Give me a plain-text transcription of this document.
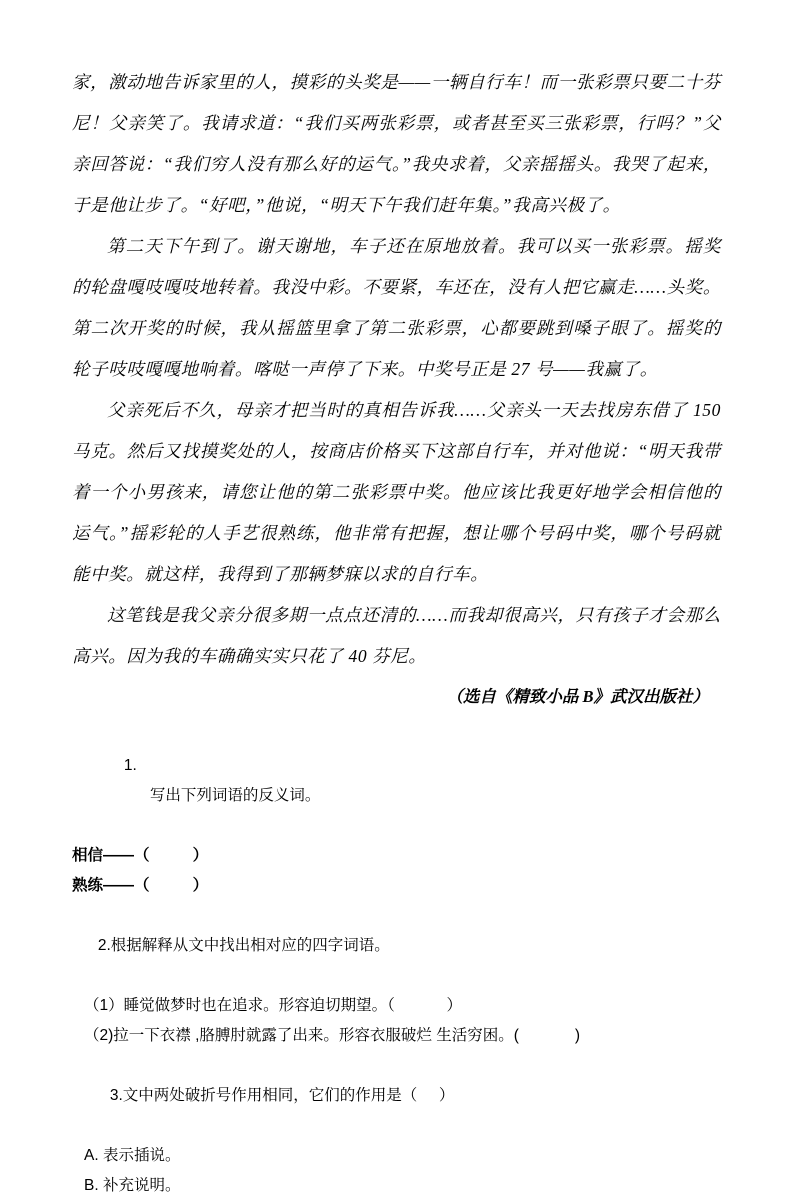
家，激动地告诉家里的人，摸彩的头奖是——一辆自行车！而一张彩票只要二十芬尼！父亲笑了。我请求道：“我们买两张彩票，或者甚至买三张彩票，行吗？”父亲回答说：“我们穷人没有那么好的运气。”我央求着，父亲摇摇头。我哭了起来，于是他让步了。“好吧，”他说，“明天下午我们赶年集。”我高兴极了。

第二天下午到了。谢天谢地，车子还在原地放着。我可以买一张彩票。摇奖的轮盘嘎吱嘎吱地转着。我没中彩。不要紧，车还在，没有人把它赢走……头奖。第二次开奖的时候，我从摇篮里拿了第二张彩票，心都要跳到嗓子眼了。摇奖的轮子吱吱嘎嘎地响着。喀哒一声停了下来。中奖号正是 27 号——我赢了。

父亲死后不久，母亲才把当时的真相告诉我……父亲头一天去找房东借了 150 马克。然后又找摸奖处的人，按商店价格买下这部自行车，并对他说：“明天我带着一个小男孩来，请您让他的第二张彩票中奖。他应该比我更好地学会相信他的运气。”摇彩轮的人手艺很熟练，他非常有把握，想让哪个号码中奖，哪个号码就能中奖。就这样，我得到了那辆梦寐以求的自行车。

这笔钱是我父亲分很多期一点点还清的……而我却很高兴，只有孩子才会那么高兴。因为我的车确确实实只花了 40 芬尼。

（选自《精致小品 B》武汉出版社）

1.
写出下列词语的反义词。

相信——（          ）

熟练——（          ）

2.根据解释从文中找出相对应的四字词语。

（1）睡觉做梦时也在追求。形容迫切期望。（            ）

（2)拉一下衣襟 ,胳膊肘就露了出来。形容衣服破烂 生活穷困。(             )

3.文中两处破折号作用相同，它们的作用是（     ）

A. 表示插说。

B. 补充说明。
